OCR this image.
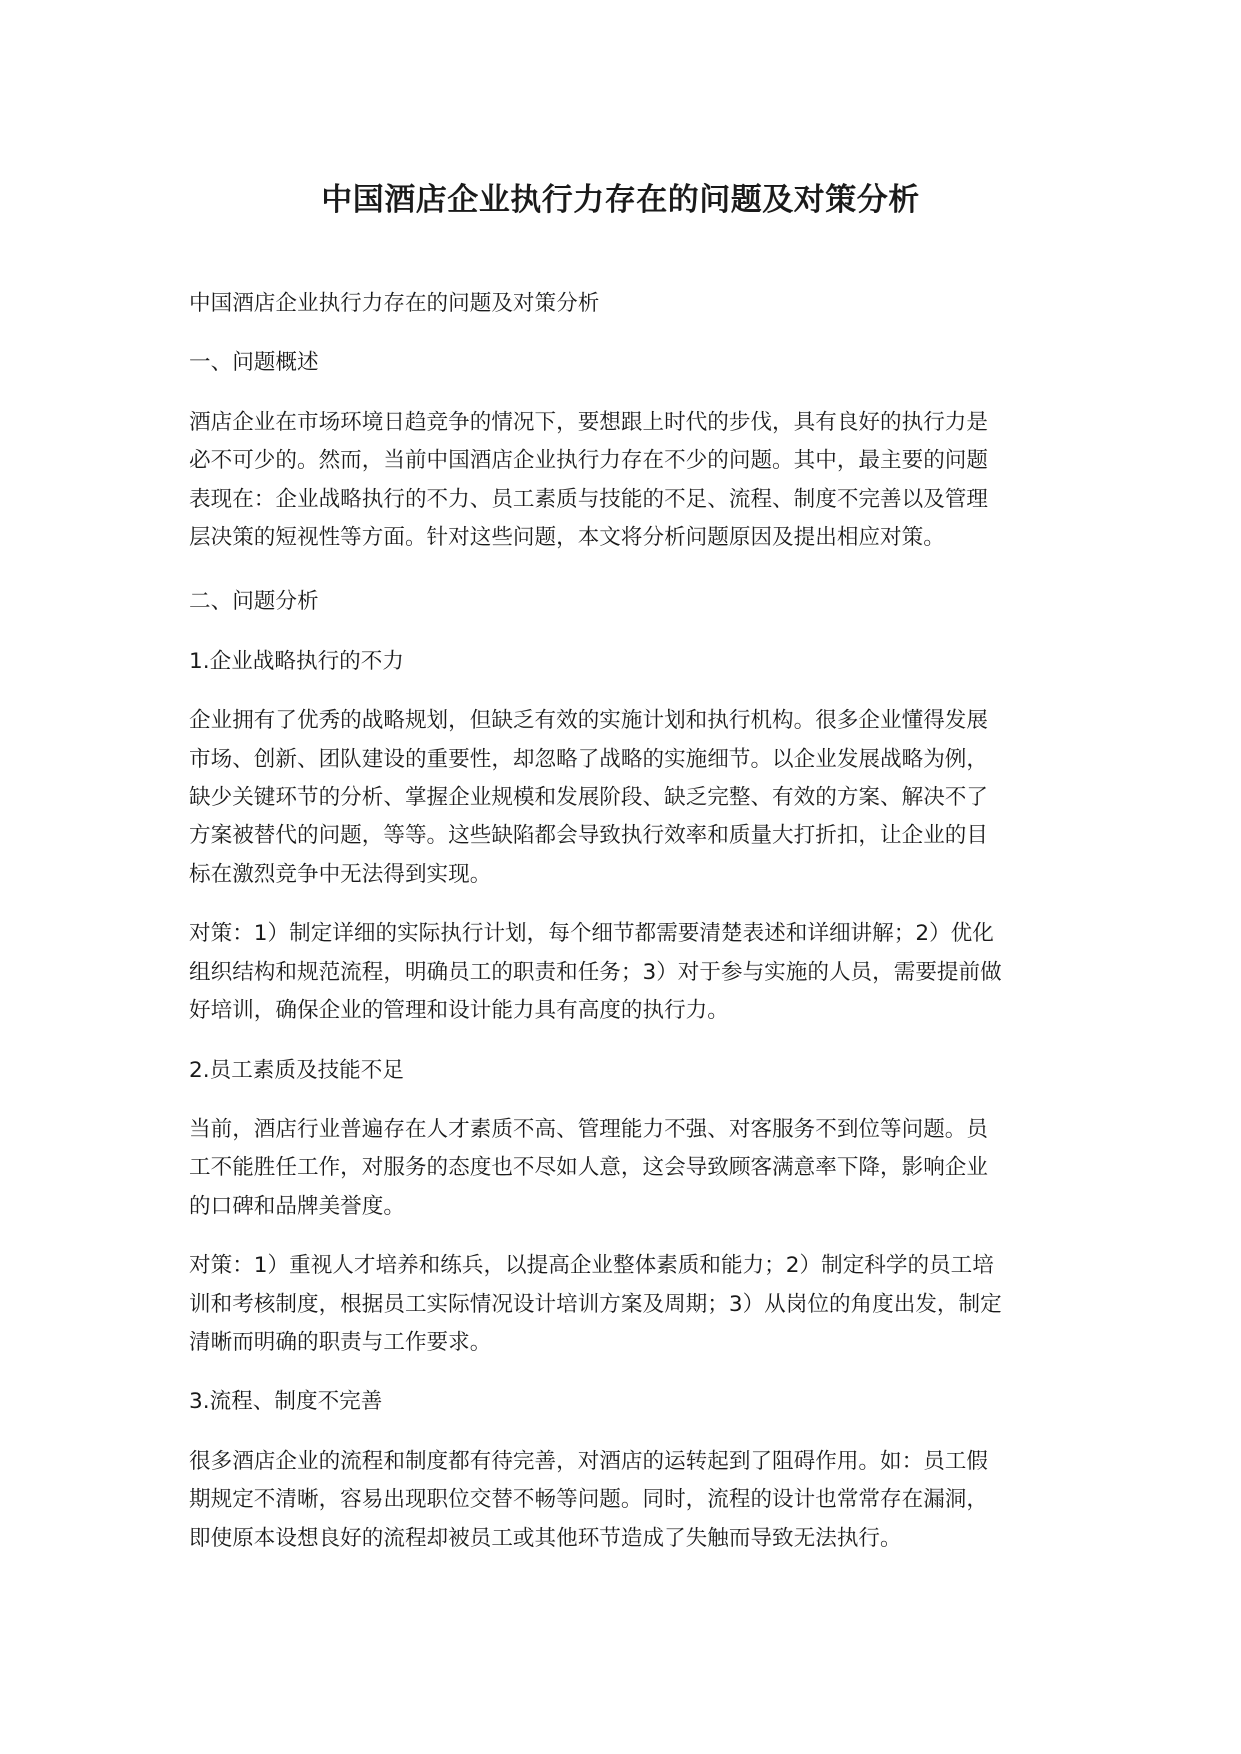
中国酒店企业执行力存在的问题及对策分析

中国酒店企业执行力存在的问题及对策分析

一、问题概述

酒店企业在市场环境日趋竞争的情况下，要想跟上时代的步伐，具有良好的执行力是
必不可少的。然而，当前中国酒店企业执行力存在不少的问题。其中，最主要的问题
表现在：企业战略执行的不力、员工素质与技能的不足、流程、制度不完善以及管理
层决策的短视性等方面。针对这些问题，本文将分析问题原因及提出相应对策。

二、问题分析

1.企业战略执行的不力

企业拥有了优秀的战略规划，但缺乏有效的实施计划和执行机构。很多企业懂得发展
市场、创新、团队建设的重要性，却忽略了战略的实施细节。以企业发展战略为例，
缺少关键环节的分析、掌握企业规模和发展阶段、缺乏完整、有效的方案、解决不了
方案被替代的问题，等等。这些缺陷都会导致执行效率和质量大打折扣，让企业的目
标在激烈竞争中无法得到实现。

对策：1）制定详细的实际执行计划，每个细节都需要清楚表述和详细讲解；2）优化
组织结构和规范流程，明确员工的职责和任务；3）对于参与实施的人员，需要提前做
好培训，确保企业的管理和设计能力具有高度的执行力。

2.员工素质及技能不足

当前，酒店行业普遍存在人才素质不高、管理能力不强、对客服务不到位等问题。员
工不能胜任工作，对服务的态度也不尽如人意，这会导致顾客满意率下降，影响企业
的口碑和品牌美誉度。

对策：1）重视人才培养和练兵，以提高企业整体素质和能力；2）制定科学的员工培
训和考核制度，根据员工实际情况设计培训方案及周期；3）从岗位的角度出发，制定
清晰而明确的职责与工作要求。

3.流程、制度不完善

很多酒店企业的流程和制度都有待完善，对酒店的运转起到了阻碍作用。如：员工假
期规定不清晰，容易出现职位交替不畅等问题。同时，流程的设计也常常存在漏洞，
即使原本设想良好的流程却被员工或其他环节造成了失触而导致无法执行。
